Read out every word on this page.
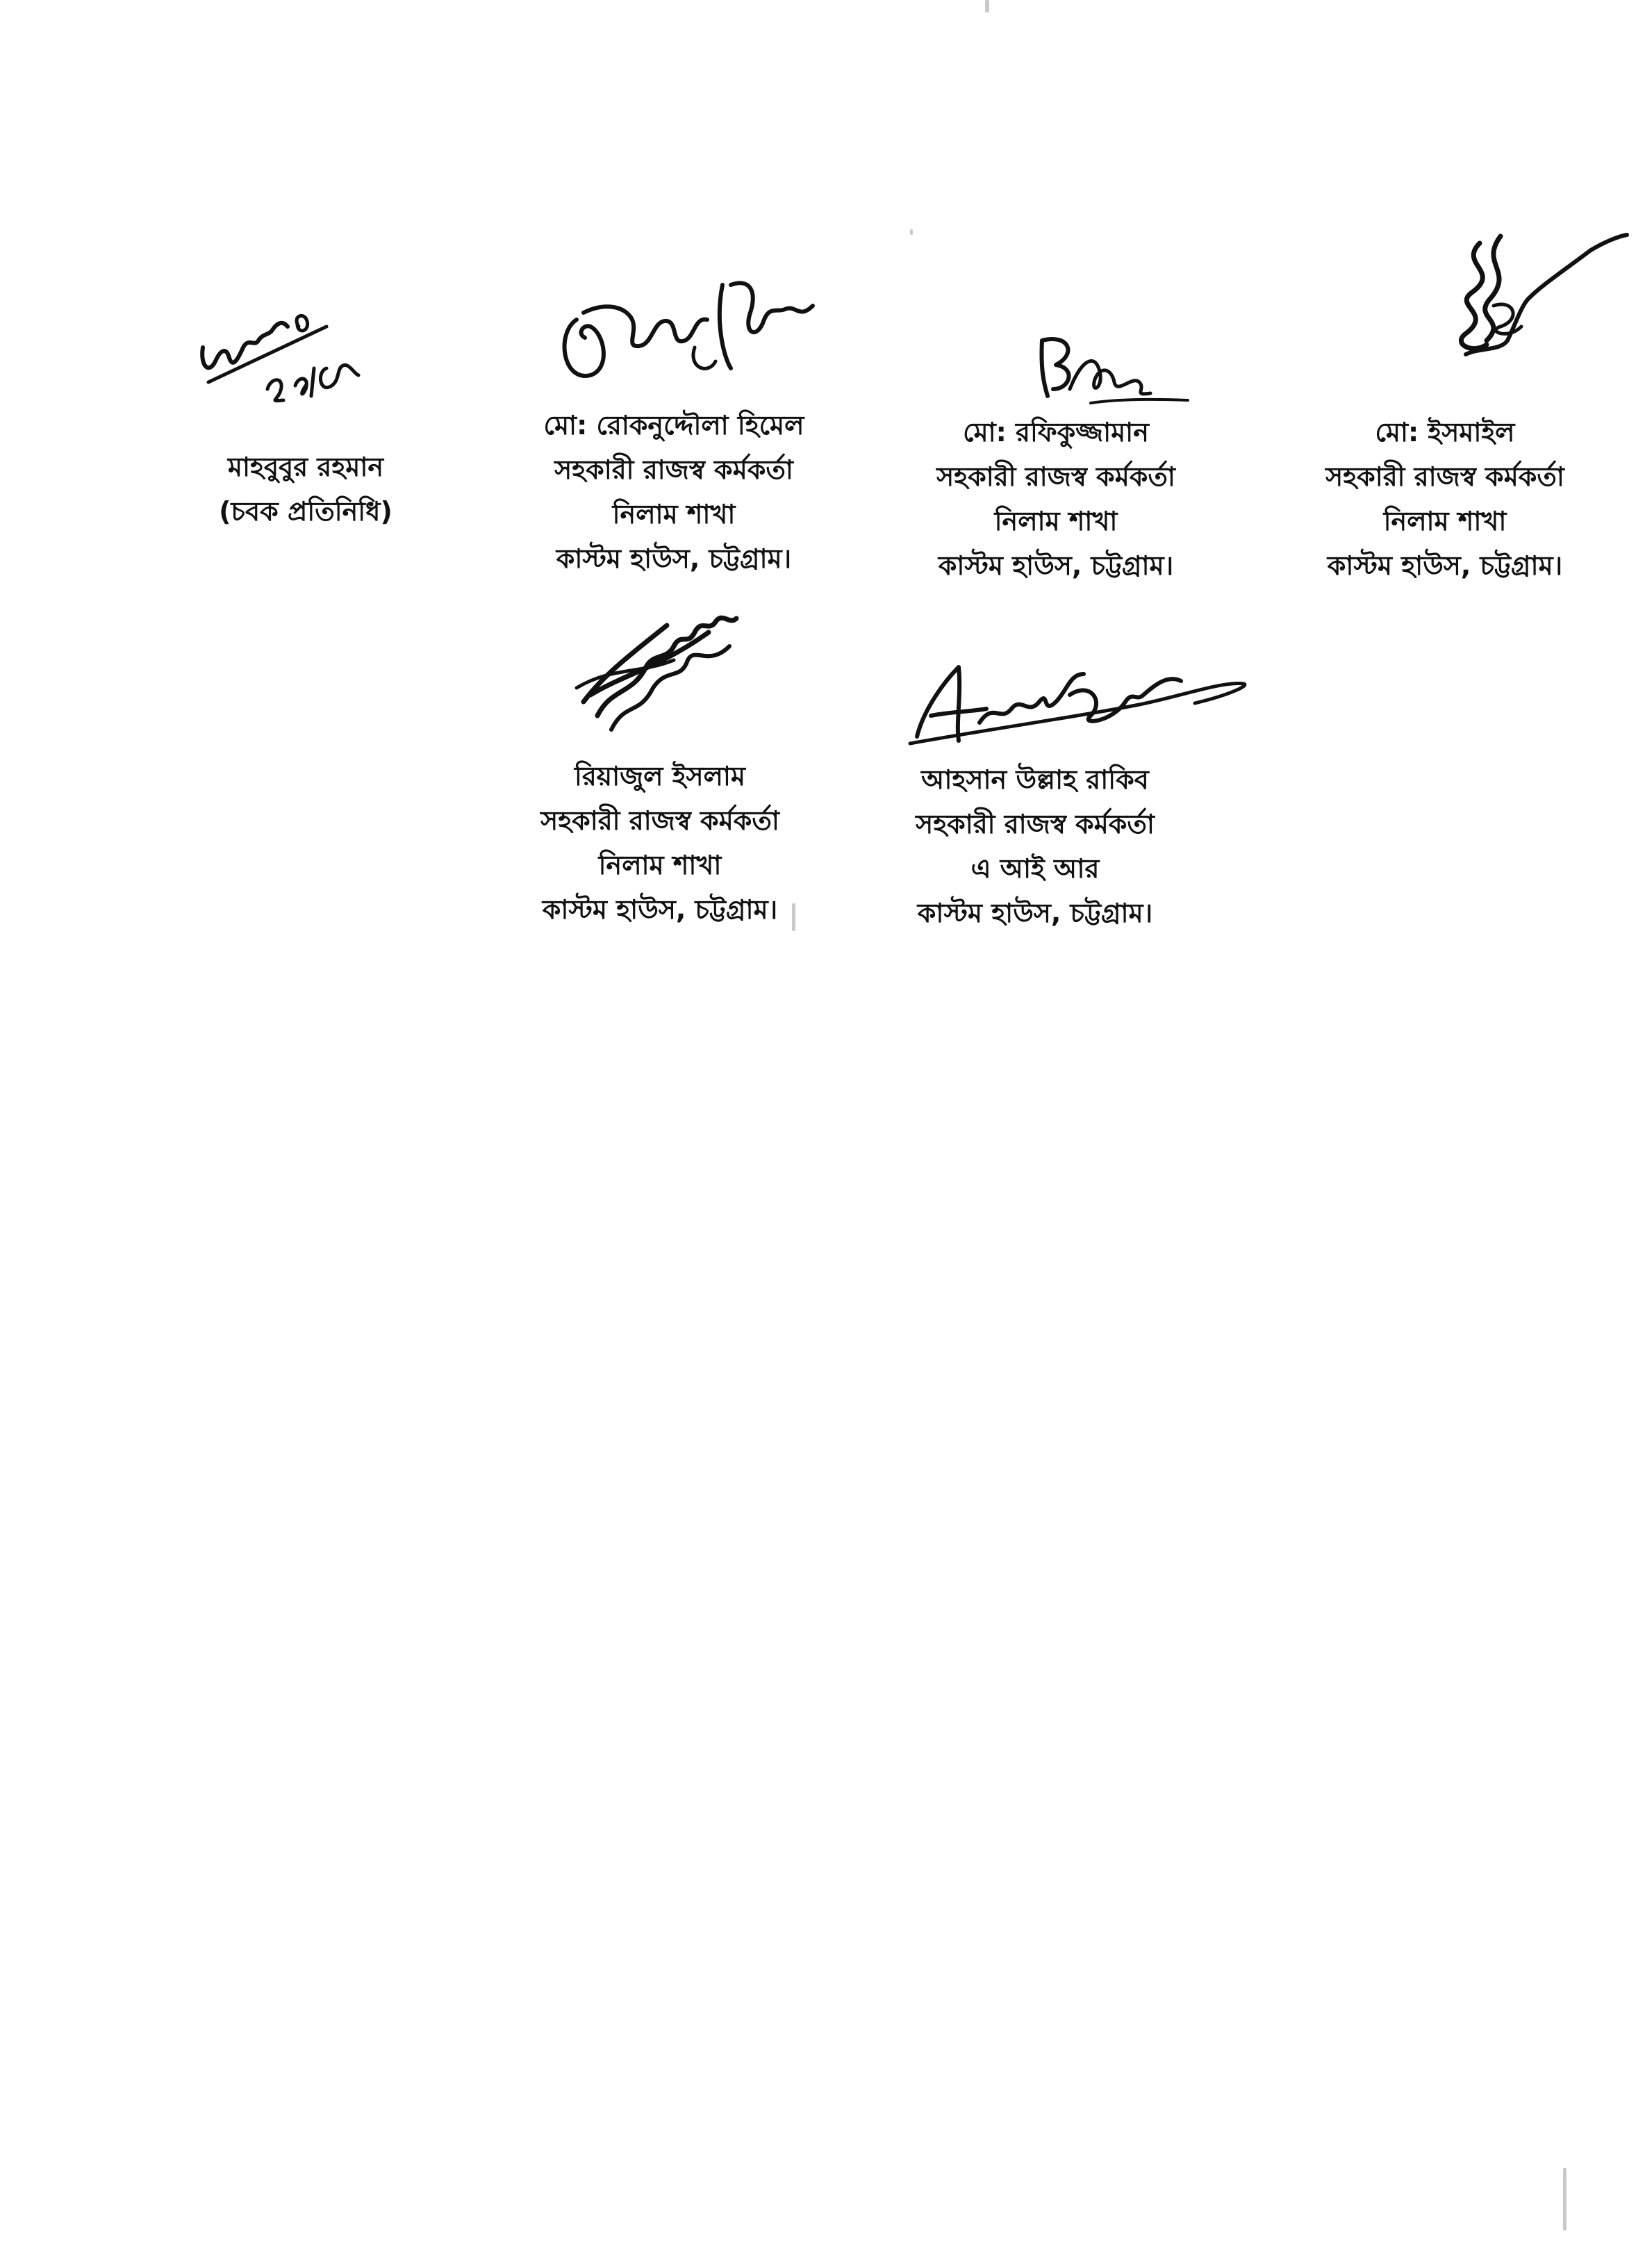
মাহবুবুর রহমান
(চবক প্রতিনিধি)
মো: রোকনুদ্দৌলা হিমেল
সহকারী রাজস্ব কর্মকর্তা
নিলাম শাখা
কাস্টম হাউস, চট্টগ্রাম।
মো: রফিকুজ্জামান
সহকারী রাজস্ব কর্মকর্তা
নিলাম শাখা
কাস্টম হাউস, চট্টগ্রাম।
মো: ইসমাইল
সহকারী রাজস্ব কর্মকর্তা
নিলাম শাখা
কাস্টম হাউস, চট্টগ্রাম।
রিয়াজুল ইসলাম
সহকারী রাজস্ব কর্মকর্তা
নিলাম শাখা
কাস্টম হাউস, চট্টগ্রাম।
আহসান উল্লাহ রাকিব
সহকারী রাজস্ব কর্মকর্তা
এ আই আর
কাস্টম হাউস, চট্টগ্রাম।
